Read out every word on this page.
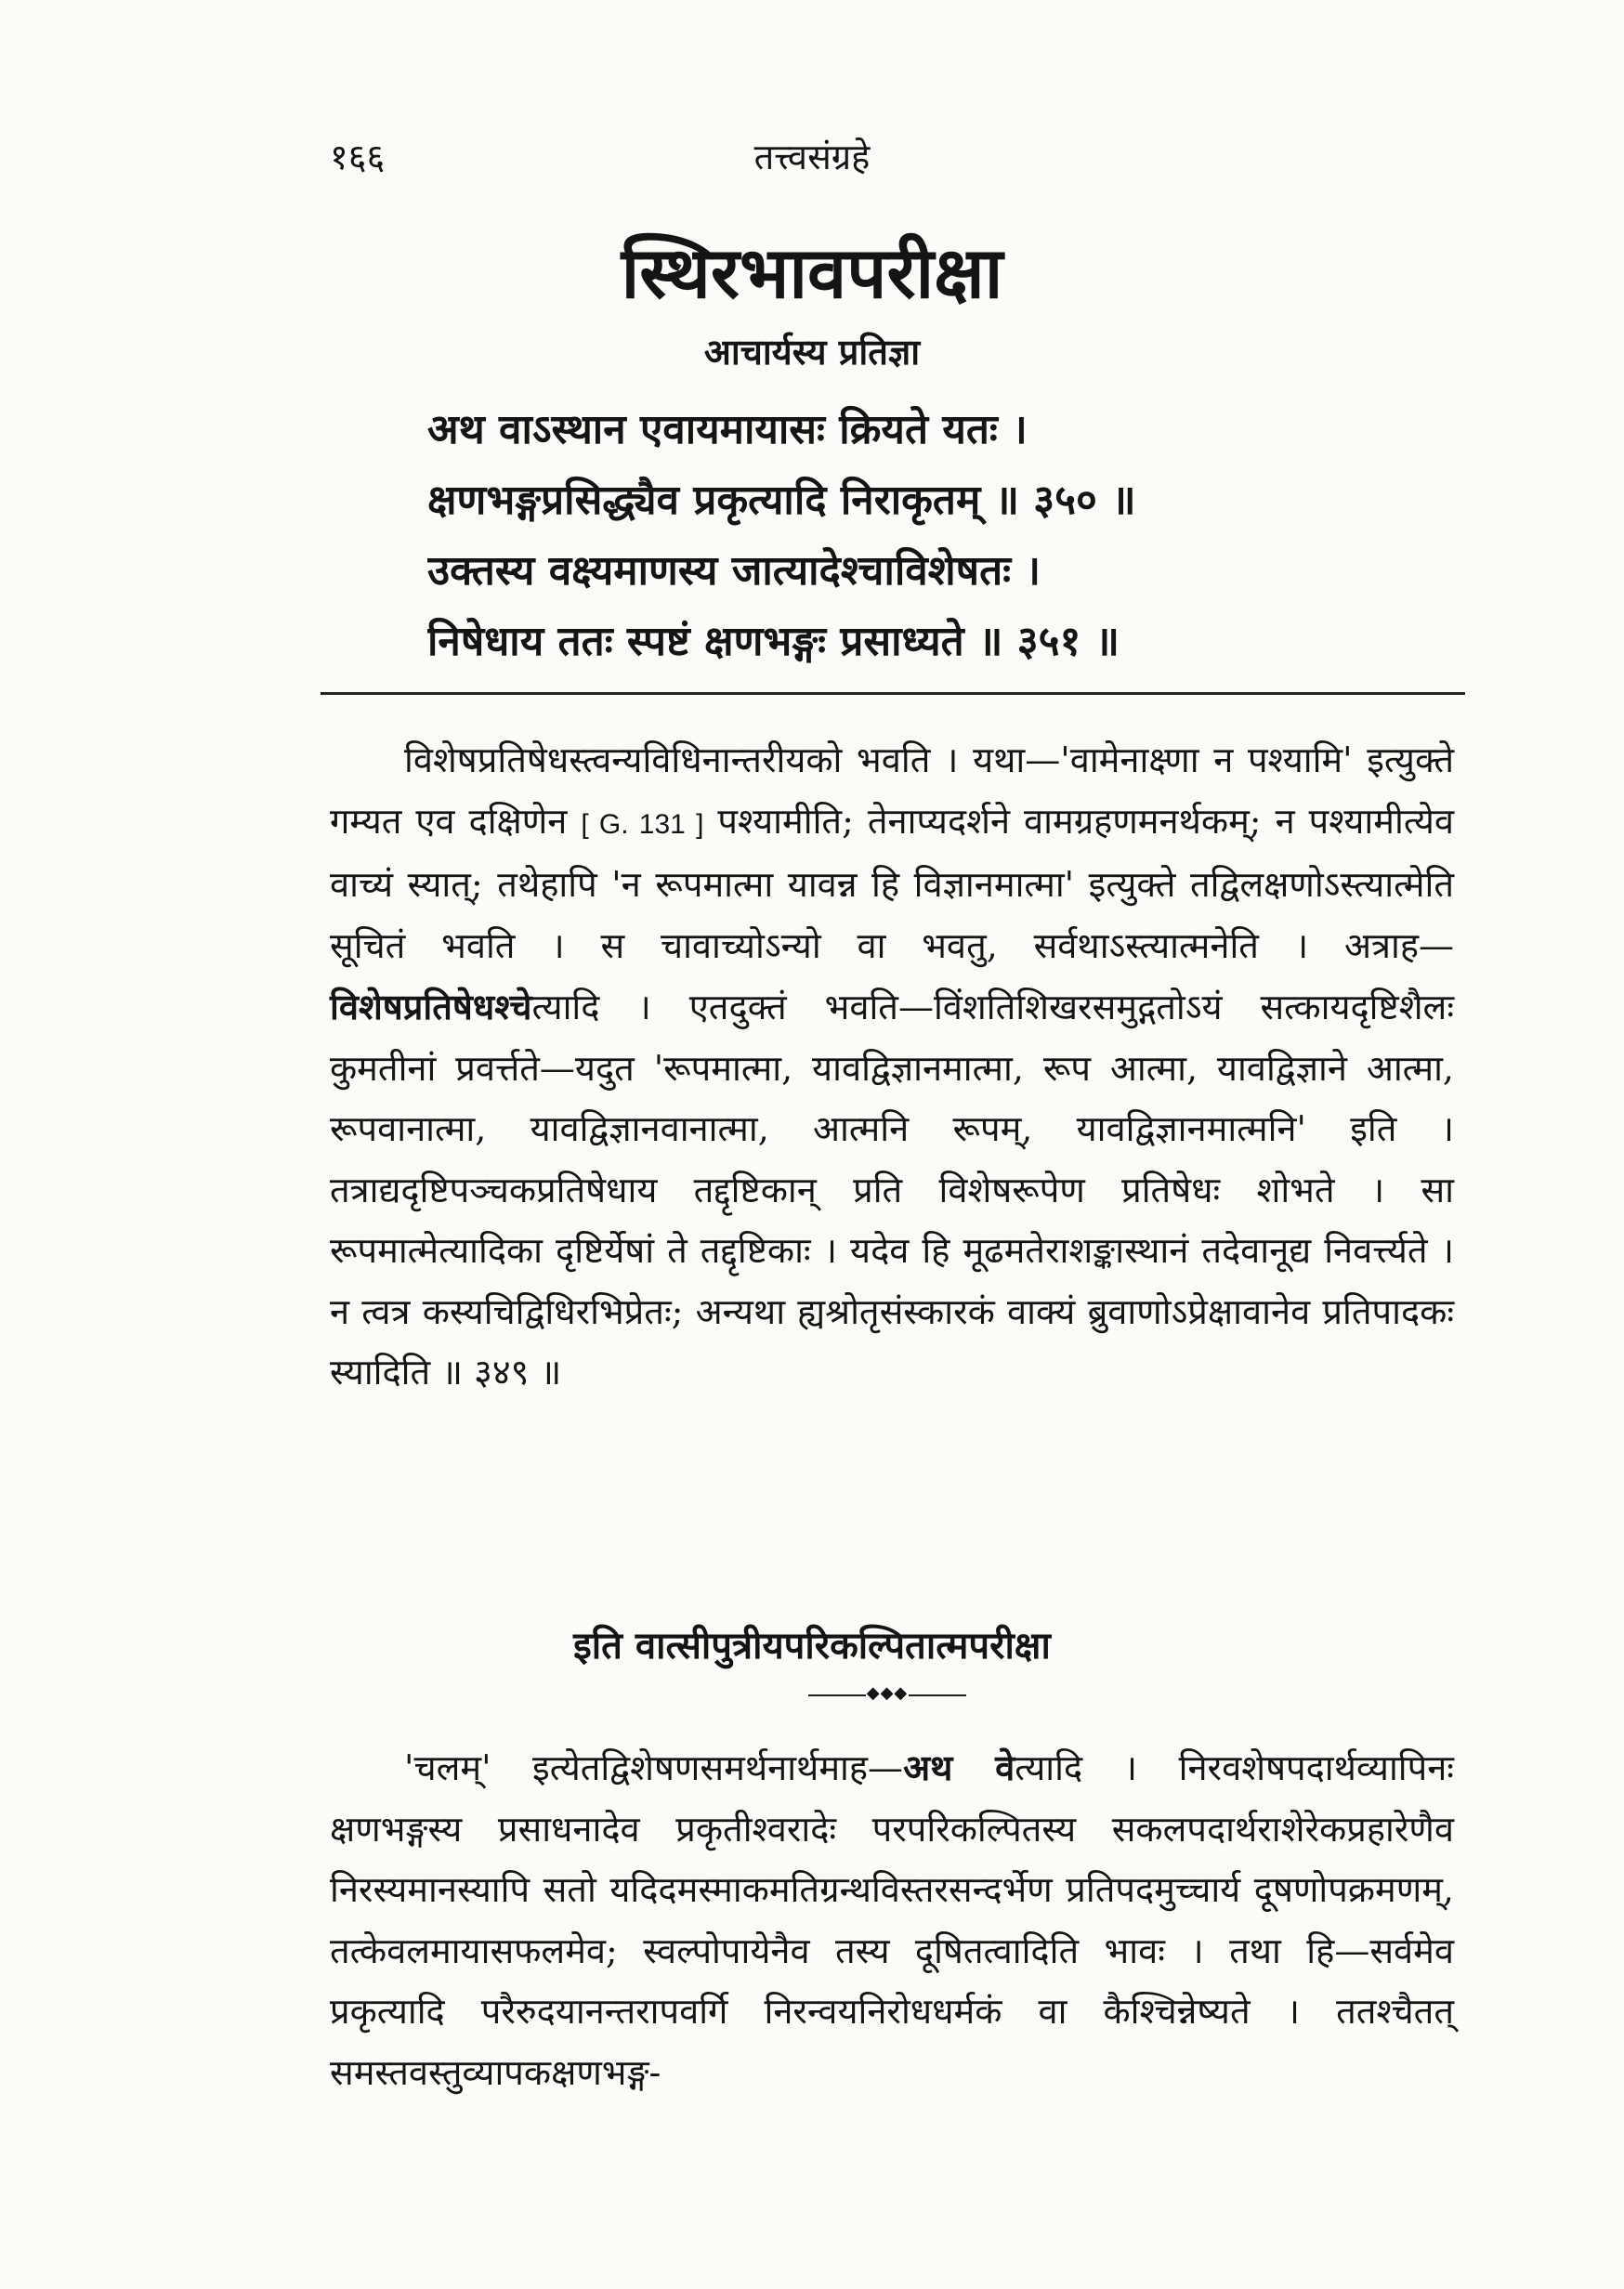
१६६	तत्त्वसंग्रहे
स्थिरभावपरीक्षा
आचार्यस्य प्रतिज्ञा
अथ वाऽस्थान एवायमायासः क्रियते यतः ।
क्षणभङ्गप्रसिद्ध्यैव प्रकृत्यादि निराकृतम् ॥ ३५० ॥
उक्तस्य वक्ष्यमाणस्य जात्यादेश्चाविशेषतः ।
निषेधाय ततः स्पष्टं क्षणभङ्गः प्रसाध्यते ॥ ३५१ ॥

विशेषप्रतिषेधस्त्वन्यविधिनान्तरीयको भवति । यथा—'वामेनाक्ष्णा न पश्यामि' इत्युक्ते गम्यत एव दक्षिणेन [ G. 131 ] पश्यामीति; तेनाप्यदर्शने वामग्रहणमनर्थकम्; न पश्यामीत्येव वाच्यं स्यात्; तथेहापि 'न रूपमात्मा यावन्न हि विज्ञानमात्मा' इत्युक्ते तद्विलक्षणोऽस्त्यात्मेति सूचितं भवति । स चावाच्योऽन्यो वा भवतु, सर्वथाऽस्त्यात्मनेति । अत्राह—विशेषप्रतिषेधश्चेत्यादि । एतदुक्तं भवति—विंशतिशिखरसमुद्गतोऽयं सत्कायदृष्टिशैलः कुमतीनां प्रवर्त्तते—यदुत 'रूपमात्मा, यावद्विज्ञानमात्मा, रूप आत्मा, यावद्विज्ञाने आत्मा, रूपवानात्मा, यावद्विज्ञानवानात्मा, आत्मनि रूपम्, यावद्विज्ञानमात्मनि' इति । तत्राद्यदृष्टिपञ्चकप्रतिषेधाय तद्दृष्टिकान् प्रति विशेषरूपेण प्रतिषेधः शोभते । सा रूपमात्मेत्यादिका दृष्टिर्येषां ते तद्दृष्टिकाः । यदेव हि मूढमतेराशङ्कास्थानं तदेवानूद्य निवर्त्त्यते । न त्वत्र कस्यचिद्विधिरभिप्रेतः; अन्यथा ह्यश्रोतृसंस्कारकं वाक्यं ब्रुवाणोऽप्रेक्षावानेव प्रतिपादकः स्यादिति ॥ ३४९ ॥

इति वात्सीपुत्रीयपरिकल्पितात्मपरीक्षा
◆◆◆

'चलम्' इत्येतद्विशेषणसमर्थनार्थमाह—अथ वेत्यादि । निरवशेषपदार्थव्यापिनः क्षणभङ्गस्य प्रसाधनादेव प्रकृतीश्वरादेः परपरिकल्पितस्य सकलपदार्थराशेरेकप्रहारेणैव निरस्यमानस्यापि सतो यदिदमस्माकमतिग्रन्थविस्तरसन्दर्भेण प्रतिपदमुच्चार्य दूषणोपक्रमणम्, तत्केवलमायासफलमेव; स्वल्पोपायेनैव तस्य दूषितत्वादिति भावः । तथा हि—सर्वमेव प्रकृत्यादि परैरुदयानन्तरापवर्गि निरन्वयनिरोधधर्मकं वा कैश्चिन्नेष्यते । ततश्चैतत् समस्तवस्तुव्यापकक्षणभङ्ग-
